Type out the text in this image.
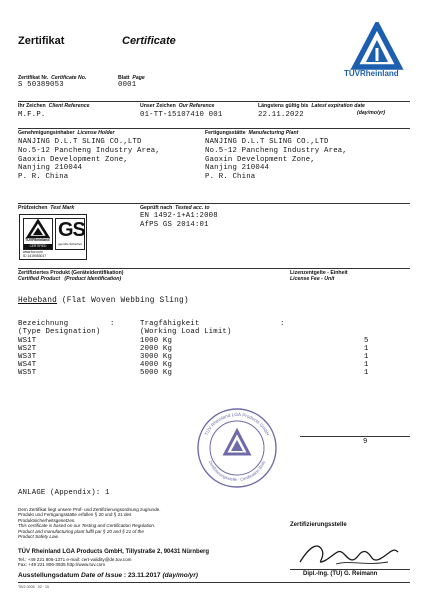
Zertifikat	Certificate
TÜVRheinland
Zertifikat Nr. Certificate No.
S 50389053
Blatt Page
0001
Ihr Zeichen Client Reference
M.F.P.
Unser Zeichen Our Reference
01-TT-15107410 001
Längstens gültig bis Latest expiration date
(day/mo/yr)
22.11.2022
Genehmigungsinhaber License Holder
NANJING D.L.T SLING CO.,LTD
No.5-12 Pancheng Industry Area,
Gaoxin Development Zone,
Nanjing 210044
P. R. China
Fertigungsstätte Manufacturing Plant
NANJING D.L.T SLING CO.,LTD
No.5-12 Pancheng Industry Area,
Gaoxin Development Zone,
Nanjing 210044
P. R. China
Prüfzeichen Test Mark
TÜVRheinland
CERTIFIED
GS
geprüfte Sicherheit
www.tuv.com
ID 1419053017
Geprüft nach Tested acc. to
EN 1492-1+A1:2008
AfPS GS 2014:01
Zertifiziertes Produkt (Geräteidentifikation)
Certified Product (Product Identification)
Lizenzentgelte - Einheit
License Fee - Unit
Hebeband (Flat Woven Webbing Sling)
Bezeichnung	:
(Type Designation)
Tragfähigkeit	:
(Working Load Limit)
WS1T	1000 Kg	5
WS2T	2000 Kg	1
WS3T	3000 Kg	1
WS4T	4000 Kg	1
WS5T	5000 Kg	1
9
TÜV Rheinland LGA Products GmbH
Zertifizierungsstelle · Certification Body
ANLAGE (Appendix): 1
Dem Zertifikat liegt unsere Prüf- und Zertifizierungsordnung zugrunde.
Produkt und Fertigungsstätte erfüllen § 20 und § 21 des
Produktsicherheitsgesetzes.
This certificate is based on our Testing and Certification Regulation.
Product and manufacturing plant fulfil par § 20 and § 21 of the
Product Safety Law.
TÜV Rheinland LGA Products GmbH, Tillystraße 2, 90431 Nürnberg
Tel.: +49 221 806-1371 e-mail: cert-validity@de.tuv.com
Fax: +49 221 806-3935 http://www.tuv.com
Ausstellungsdatum Date of Issue : 23.11.2017 (day/mo/yr)
Zertifizierungsstelle
Dipl.-Ing. (TU) G. Reimann
TB/2 0006 · 02 · 15
